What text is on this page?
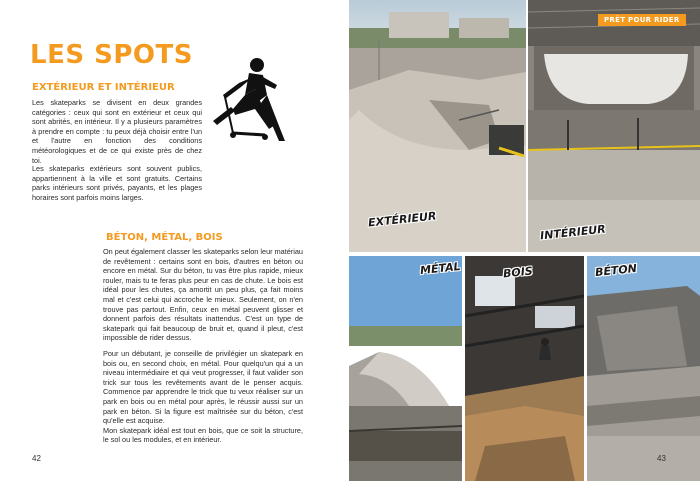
LES SPOTS
EXTÉRIEUR ET INTÉRIEUR

Les skateparks se divisent en deux grandes catégories : ceux qui sont en extérieur et ceux qui sont abrités, en intérieur. Il y a plusieurs paramètres à prendre en compte : tu peux déjà choisir entre l'un et l'autre en fonction des conditions météorologiques et de ce qui existe près de chez toi.

Les skateparks extérieurs sont souvent publics, appartiennent à la ville et sont gratuits. Certains parks intérieurs sont privés, payants, et les plages horaires sont parfois moins larges.

BÉTON, MÉTAL, BOIS

On peut également classer les skateparks selon leur matériau de revêtement : certains sont en bois, d'autres en béton ou encore en métal. Sur du béton, tu vas être plus rapide, mieux rouler, mais tu te feras plus peur en cas de chute. Le bois est idéal pour les chutes, ça amortit un peu plus, ça fait moins mal et c'est celui qui accroche le mieux. Seulement, on n'en trouve pas partout. Enfin, ceux en métal peuvent glisser et donnent parfois des résultats inattendus. C'est un type de skatepark qui fait beaucoup de bruit et, quand il pleut, c'est impossible de rider dessus.

Pour un débutant, je conseille de privilégier un skatepark en bois ou, en second choix, en métal. Pour quelqu'un qui a un niveau intermédiaire et qui veut progresser, il faut valider son trick sur tous les revêtements avant de le penser acquis. Commence par apprendre le trick que tu veux réaliser sur un park en bois ou en métal pour après, le réussir aussi sur un park en béton. Si la figure est maîtrisée sur du béton, c'est qu'elle est acquise.
Mon skatepark idéal est tout en bois, que ce soit la structure, le sol ou les modules, et en intérieur.

42

PRÊT POUR RIDER

EXTÉRIEUR

INTÉRIEUR

MÉTAL	BOIS	BÉTON

43
